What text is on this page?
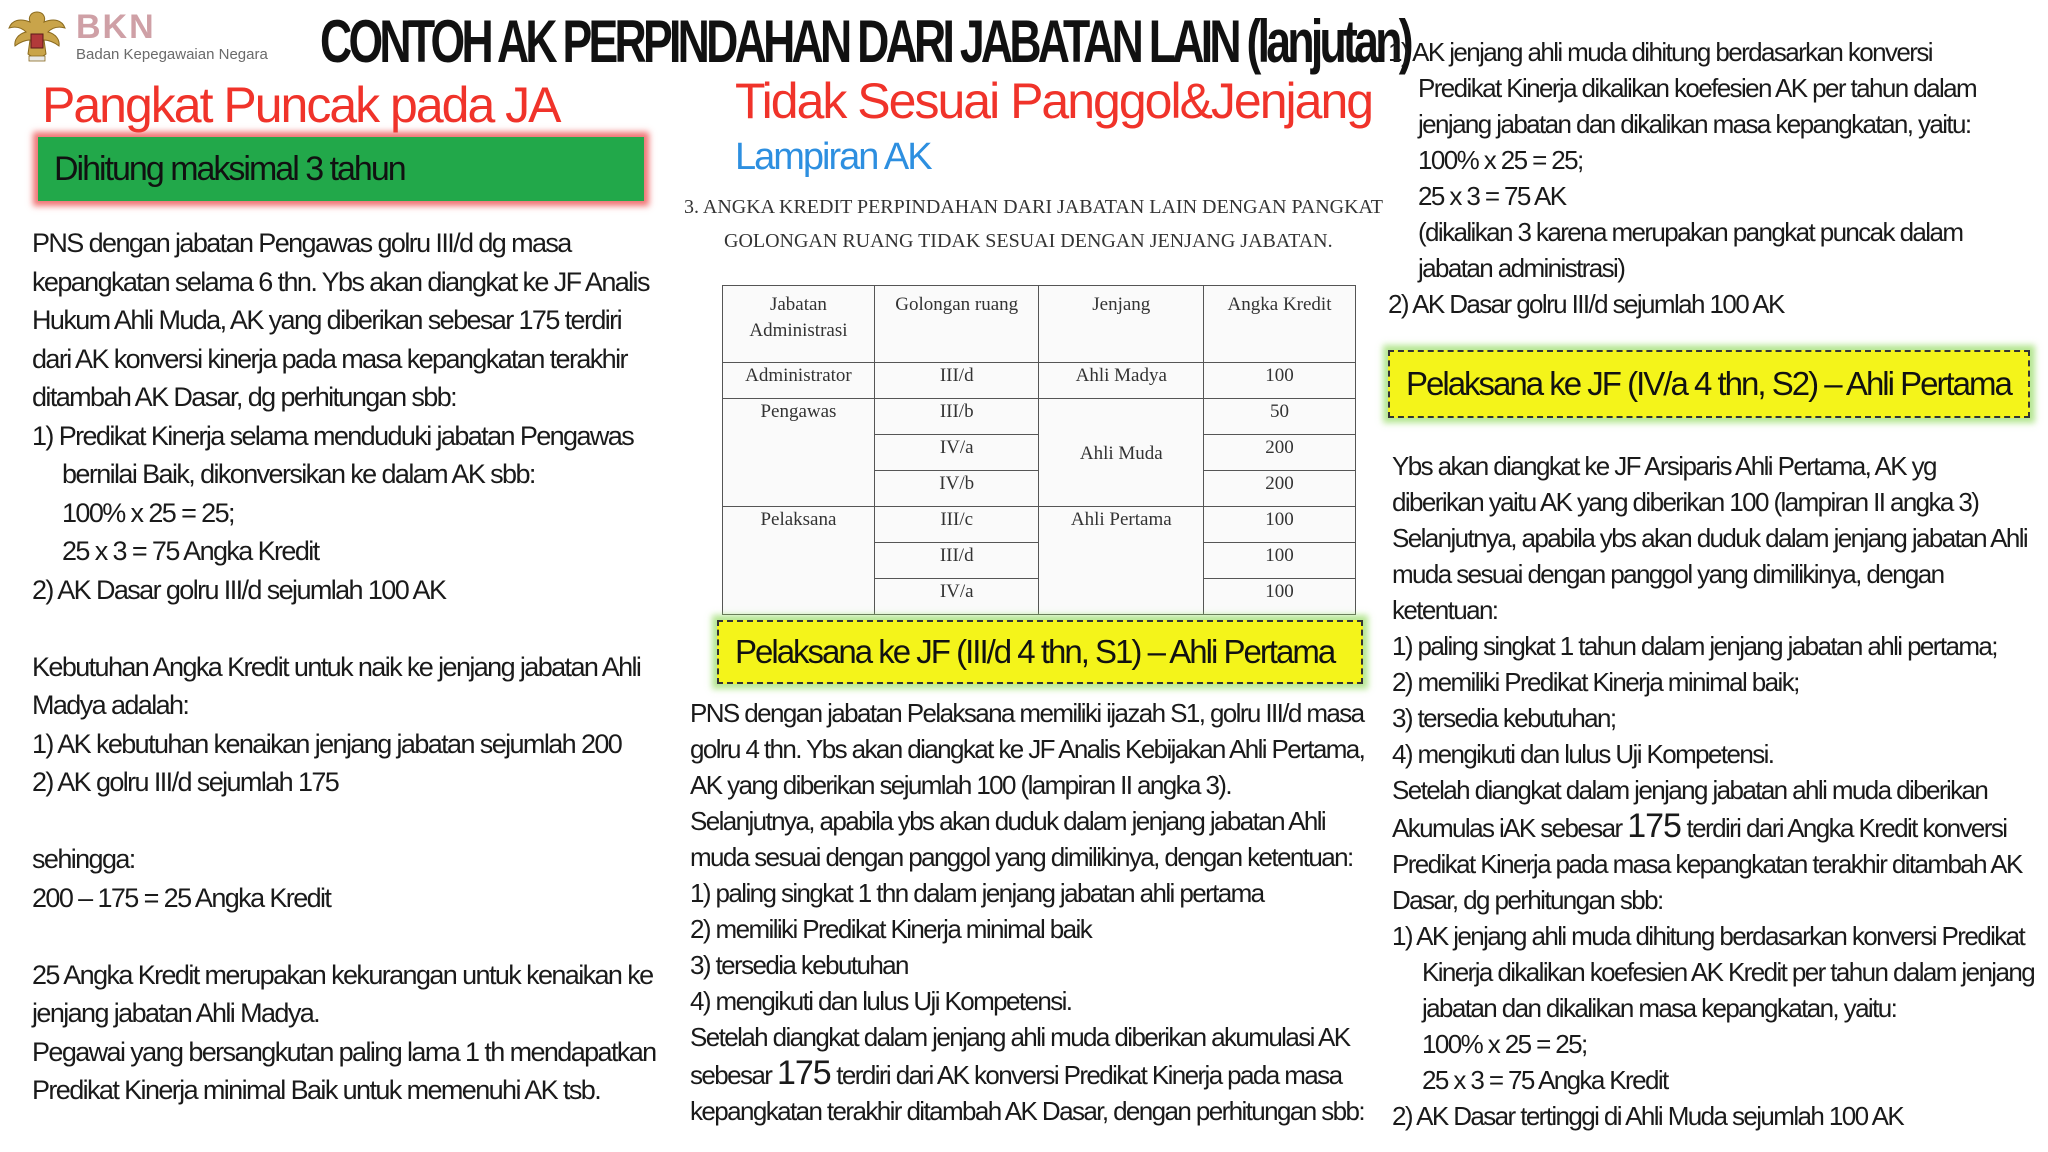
BKN
Badan Kepegawaian Negara CONTOH AK PERPINDAHAN DARI JABATAN LAIN (lanjutan)
Pangkat Puncak pada JA
Dihitung maksimal 3 tahun

PNS dengan jabatan Pengawas golru III/d dg masa

kepangkatan selama 6 thn. Ybs akan diangkat ke JF Analis

Hukum Ahli Muda, AK yang diberikan sebesar 175 terdiri

dari AK konversi kinerja pada masa kepangkatan terakhir

ditambah AK Dasar, dg perhitungan sbb:

1) Predikat Kinerja selama menduduki jabatan Pengawas

bernilai Baik, dikonversikan ke dalam AK sbb:

100% x 25 = 25;

25 x 3 = 75 Angka Kredit

2) AK Dasar golru III/d sejumlah 100 AK

Kebutuhan Angka Kredit untuk naik ke jenjang jabatan Ahli

Madya adalah:

1) AK kebutuhan kenaikan jenjang jabatan sejumlah 200

2) AK golru III/d sejumlah 175

sehingga:

200 – 175 = 25 Angka Kredit

25 Angka Kredit merupakan kekurangan untuk kenaikan ke

jenjang jabatan Ahli Madya.

Pegawai yang bersangkutan paling lama 1 th mendapatkan

Predikat Kinerja minimal Baik untuk memenuhi AK tsb.

Tidak Sesuai Panggol&Jenjang
Lampiran AK

3. ANGKA KREDIT PERPINDAHAN DARI JABATAN LAIN DENGAN PANGKAT

GOLONGAN RUANG TIDAK SESUAI DENGAN JENJANG JABATAN.

Jabatan Administrasi	Golongan ruang	Jenjang	Angka Kredit
Administrator	III/d	Ahli Madya	100
Pengawas	III/b	Ahli Muda	50
	IV/a		200
	IV/b		200
Pelaksana	III/c	Ahli Pertama	100
	III/d		100
	IV/a		100
Pelaksana ke JF (III/d 4 thn, S1) – Ahli Pertama

PNS dengan jabatan Pelaksana memiliki ijazah S1, golru III/d masa

golru 4 thn. Ybs akan diangkat ke JF Analis Kebijakan Ahli Pertama,

AK yang diberikan sejumlah 100 (lampiran II angka 3).

Selanjutnya, apabila ybs akan duduk dalam jenjang jabatan Ahli

muda sesuai dengan panggol yang dimilikinya, dengan ketentuan:

1) paling singkat 1 thn dalam jenjang jabatan ahli pertama

2) memiliki Predikat Kinerja minimal baik

3) tersedia kebutuhan

4) mengikuti dan lulus Uji Kompetensi.

Setelah diangkat dalam jenjang ahli muda diberikan akumulasi AK

sebesar 175 terdiri dari AK konversi Predikat Kinerja pada masa

kepangkatan terakhir ditambah AK Dasar, dengan perhitungan sbb:

1) AK jenjang ahli muda dihitung berdasarkan konversi

Predikat Kinerja dikalikan koefesien AK per tahun dalam

jenjang jabatan dan dikalikan masa kepangkatan, yaitu:

100% x 25 = 25;

25 x 3 = 75 AK

(dikalikan 3 karena merupakan pangkat puncak dalam

jabatan administrasi)

2) AK Dasar golru III/d sejumlah 100 AK

Pelaksana ke JF (IV/a 4 thn, S2) – Ahli Pertama

Ybs akan diangkat ke JF Arsiparis Ahli Pertama, AK yg

diberikan yaitu AK yang diberikan 100 (lampiran II angka 3)

Selanjutnya, apabila ybs akan duduk dalam jenjang jabatan Ahli

muda sesuai dengan panggol yang dimilikinya, dengan

ketentuan:

1) paling singkat 1 tahun dalam jenjang jabatan ahli pertama;

2) memiliki Predikat Kinerja minimal baik;

3) tersedia kebutuhan;

4) mengikuti dan lulus Uji Kompetensi.

Setelah diangkat dalam jenjang jabatan ahli muda diberikan

Akumulas iAK sebesar 175 terdiri dari Angka Kredit konversi

Predikat Kinerja pada masa kepangkatan terakhir ditambah AK

Dasar, dg perhitungan sbb:

1) AK jenjang ahli muda dihitung berdasarkan konversi Predikat

Kinerja dikalikan koefesien AK Kredit per tahun dalam jenjang

jabatan dan dikalikan masa kepangkatan, yaitu:

100% x 25 = 25;

25 x 3 = 75 Angka Kredit

2) AK Dasar tertinggi di Ahli Muda sejumlah 100 AK
